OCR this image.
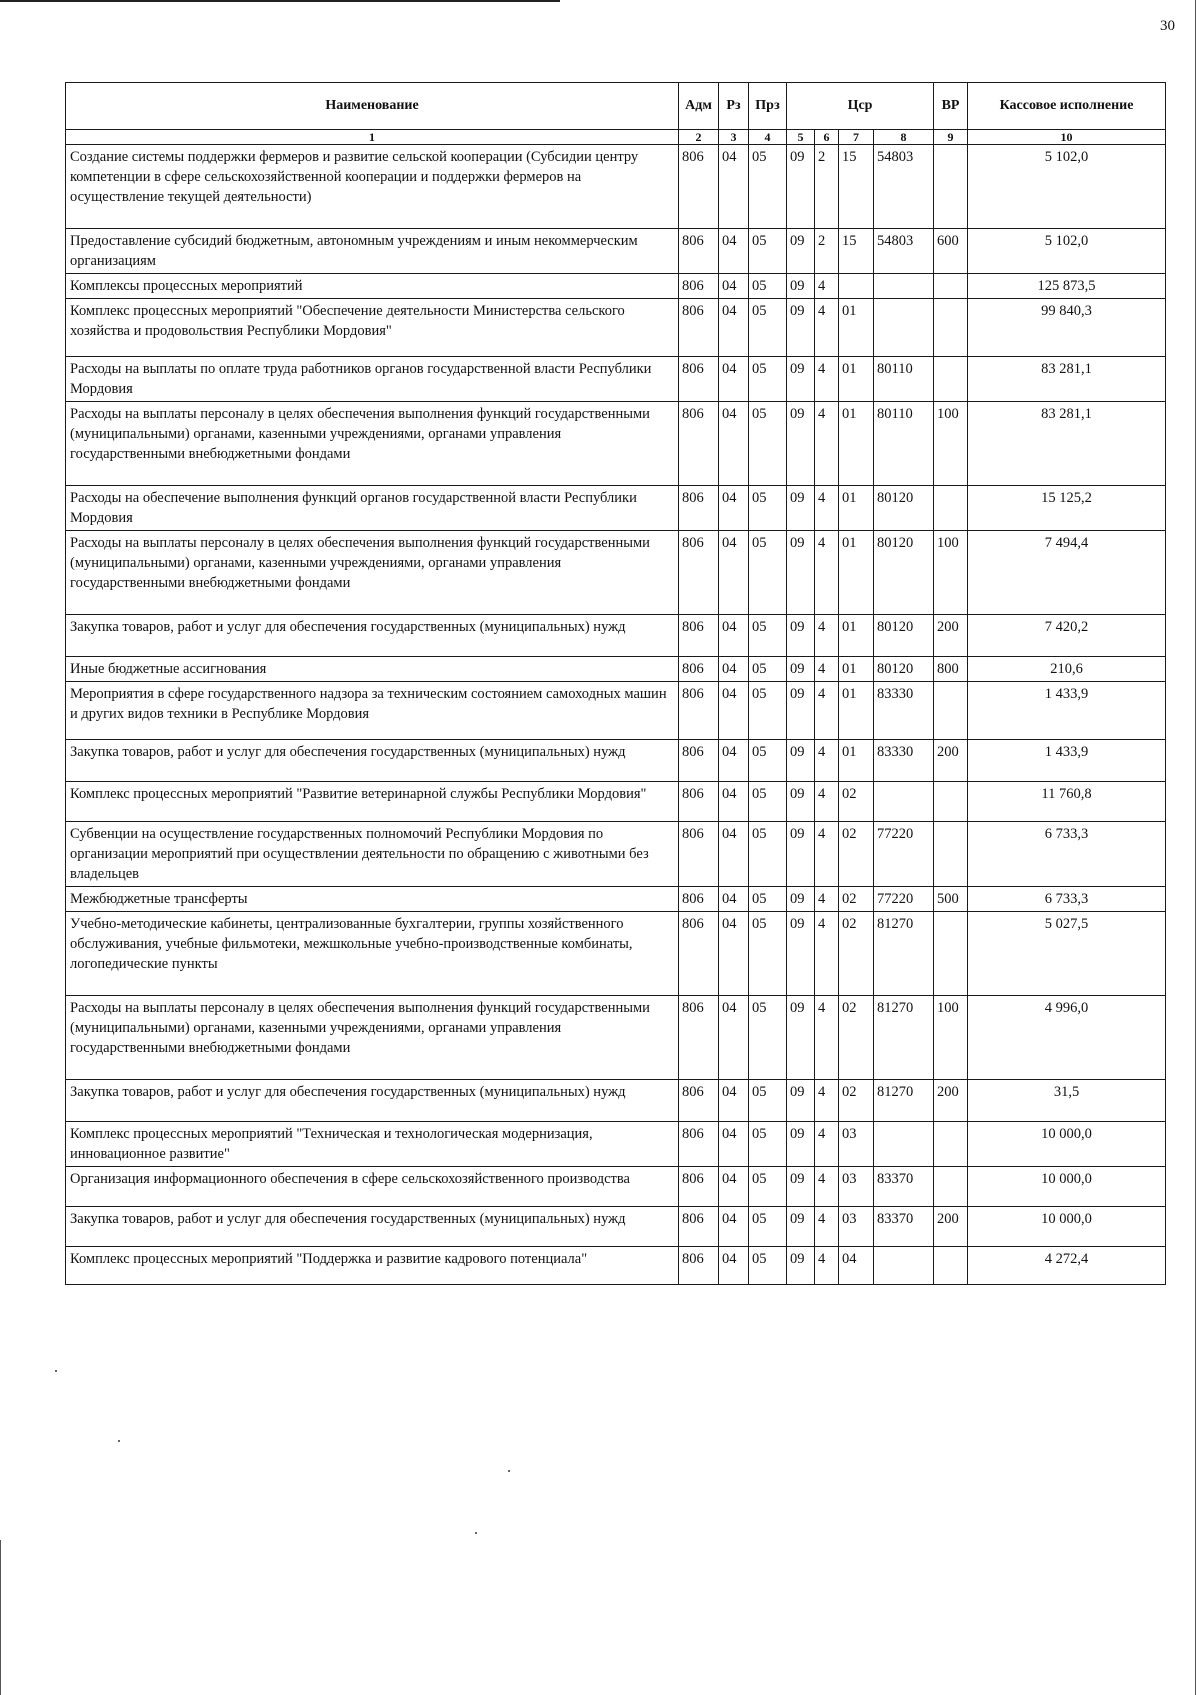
30
Наименование	Адм	Рз	Прз	Цср				ВР	Кассовое исполнение
1	2	3	4	5	6	7	8	9	10
Создание системы поддержки фермеров и развитие сельской кооперации (Субсидии центру компетенции в сфере сельскохозяйственной кооперации и поддержки фермеров на осуществление текущей деятельности)	806	04	05	09	2	15	54803		5 102,0
Предоставление субсидий бюджетным, автономным учреждениям и иным некоммерческим организациям	806	04	05	09	2	15	54803	600	5 102,0
Комплексы процессных мероприятий	806	04	05	09	4				125 873,5
Комплекс процессных мероприятий "Обеспечение деятельности Министерства сельского хозяйства и продовольствия Республики Мордовия"	806	04	05	09	4	01			99 840,3
Расходы на выплаты по оплате труда работников органов государственной власти Республики Мордовия	806	04	05	09	4	01	80110		83 281,1
Расходы на выплаты персоналу в целях обеспечения выполнения функций государственными (муниципальными) органами, казенными учреждениями, органами управления государственными внебюджетными фондами	806	04	05	09	4	01	80110	100	83 281,1
Расходы на обеспечение выполнения функций органов государственной власти Республики Мордовия	806	04	05	09	4	01	80120		15 125,2
Расходы на выплаты персоналу в целях обеспечения выполнения функций государственными (муниципальными) органами, казенными учреждениями, органами управления государственными внебюджетными фондами	806	04	05	09	4	01	80120	100	7 494,4
Закупка товаров, работ и услуг для обеспечения государственных (муниципальных) нужд	806	04	05	09	4	01	80120	200	7 420,2
Иные бюджетные ассигнования	806	04	05	09	4	01	80120	800	210,6
Мероприятия в сфере государственного надзора за техническим состоянием самоходных машин и других видов техники в Республике Мордовия	806	04	05	09	4	01	83330		1 433,9
Закупка товаров, работ и услуг для обеспечения государственных (муниципальных) нужд	806	04	05	09	4	01	83330	200	1 433,9
Комплекс процессных мероприятий "Развитие ветеринарной службы Республики Мордовия"	806	04	05	09	4	02			11 760,8
Субвенции на осуществление государственных полномочий Республики Мордовия по организации мероприятий при осуществлении деятельности по обращению с животными без владельцев	806	04	05	09	4	02	77220		6 733,3
Межбюджетные трансферты	806	04	05	09	4	02	77220	500	6 733,3
Учебно-методические кабинеты, централизованные бухгалтерии, группы хозяйственного обслуживания, учебные фильмотеки, межшкольные учебно-производственные комбинаты, логопедические пункты	806	04	05	09	4	02	81270		5 027,5
Расходы на выплаты персоналу в целях обеспечения выполнения функций государственными (муниципальными) органами, казенными учреждениями, органами управления государственными внебюджетными фондами	806	04	05	09	4	02	81270	100	4 996,0
Закупка товаров, работ и услуг для обеспечения государственных (муниципальных) нужд	806	04	05	09	4	02	81270	200	31,5
Комплекс процессных мероприятий "Техническая и технологическая модернизация, инновационное развитие"	806	04	05	09	4	03			10 000,0
Организация информационного обеспечения в сфере сельскохозяйственного производства	806	04	05	09	4	03	83370		10 000,0
Закупка товаров, работ и услуг для обеспечения государственных (муниципальных) нужд	806	04	05	09	4	03	83370	200	10 000,0
Комплекс процессных мероприятий "Поддержка и развитие кадрового потенциала"	806	04	05	09	4	04			4 272,4
